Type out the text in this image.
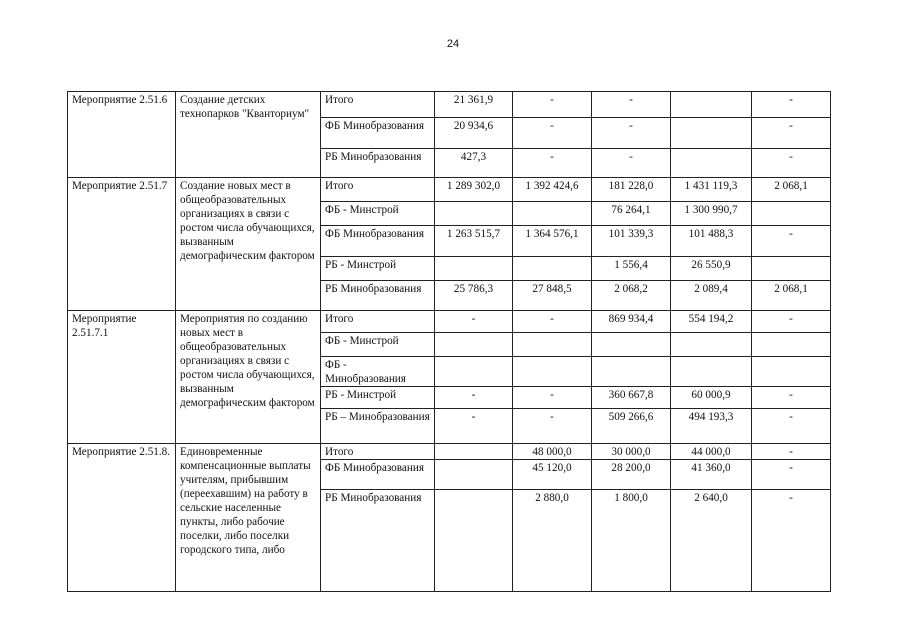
24
Мероприятие 2.51.6	Создание детских технопарков "Кванториум"	Итого	21 361,9	-	-		-
		ФБ Минобразования	20 934,6	-	-		-
		РБ Минобразования	427,3	-	-		-
Мероприятие 2.51.7	Создание новых мест в общеобразовательных организациях в связи с ростом числа обучающихся, вызванным демографическим фактором	Итого	1 289 302,0	1 392 424,6	181 228,0	1 431 119,3	2 068,1
		ФБ - Минстрой			76 264,1	1 300 990,7	
		ФБ Минобразования	1 263 515,7	1 364 576,1	101 339,3	101 488,3	-
		РБ - Минстрой			1 556,4	26 550,9	
		РБ Минобразования	25 786,3	27 848,5	2 068,2	2 089,4	2 068,1
Мероприятие 2.51.7.1	Мероприятия по созданию новых мест в общеобразовательных организациях в связи с ростом числа обучающихся, вызванным демографическим фактором	Итого	-	-	869 934,4	554 194,2	-
		ФБ - Минстрой					
		ФБ - Минобразования					
		РБ - Минстрой	-	-	360 667,8	60 000,9	-
		РБ – Минобразования	-	-	509 266,6	494 193,3	-
Мероприятие 2.51.8.	Единовременные компенсационные выплаты учителям, прибывшим (переехавшим) на работу в сельские населенные пункты, либо рабочие поселки, либо поселки городского типа, либо	Итого		48 000,0	30 000,0	44 000,0	-
		ФБ Минобразования		45 120,0	28 200,0	41 360,0	-
		РБ Минобразования		2 880,0	1 800,0	2 640,0	-
